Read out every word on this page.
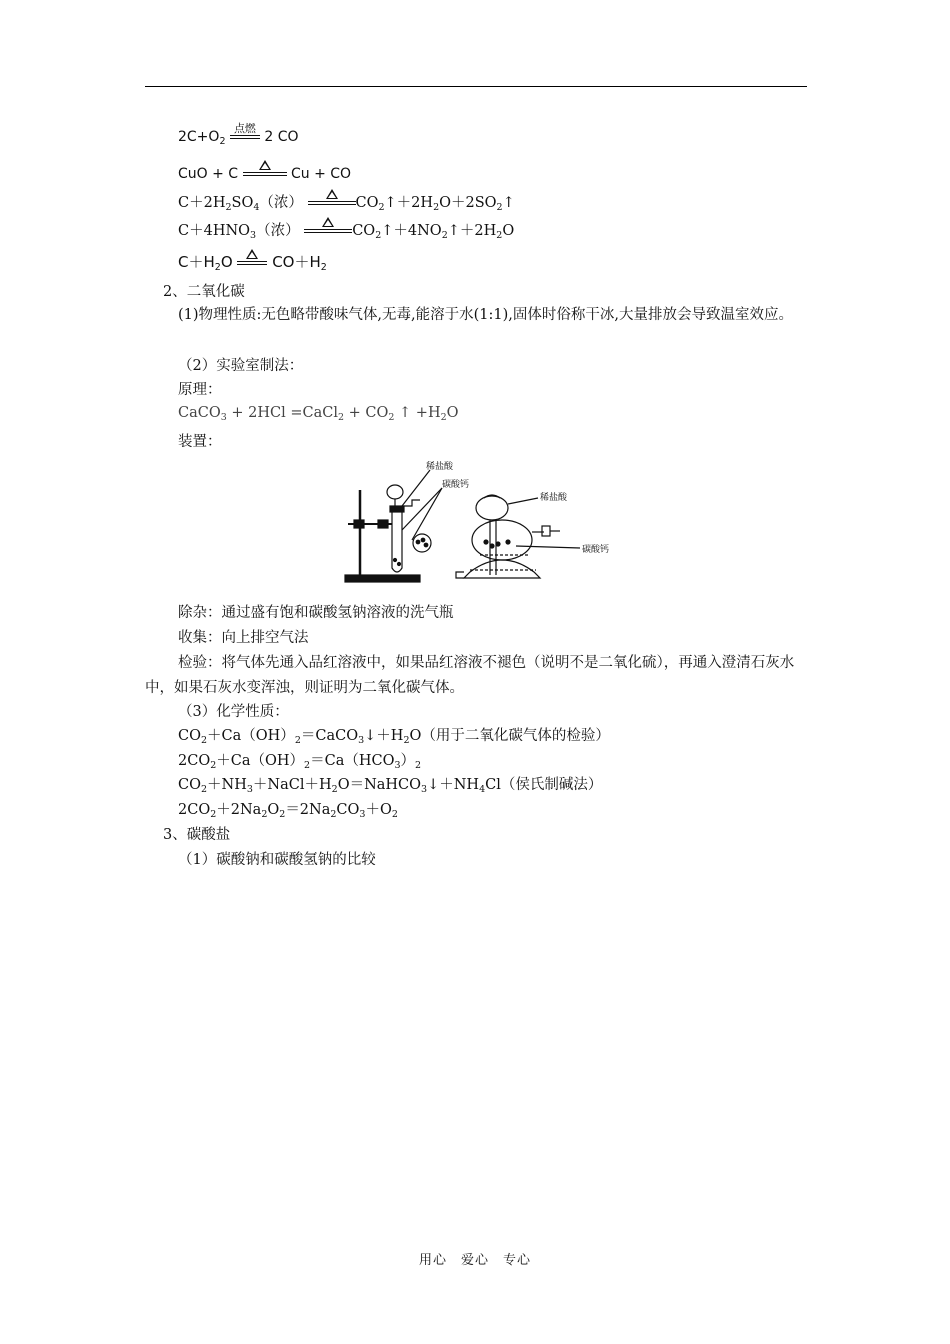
$2C+O_2$
点燃
2 CO
CuO + C	Cu + CO
$C+2H_2SO_4$（浓）	$CO_2↑+2H_2O+2SO_2↑$
$C+4HNO_3$（浓）	$CO_2↑+4NO_2↑+2H_2O$
$C+H_2O$	$CO+H_2$
2、二氧化碳
(1)物理性质:无色略带酸味气体,无毒,能溶于水(1:1),固体时俗称干冰,大量排放会导致温室效应。
（2）实验室制法：
原理：
CaCO$_3$ + 2HCl =CaCl$_2$ + $CO_2$ ↑ $+H_2O$
装置：
稀盐酸
碳酸钙
稀盐酸
碳酸钙
除杂：通过盛有饱和碳酸氢钠溶液的洗气瓶
收集：向上排空气法
检验：将气体先通入品红溶液中，如果品红溶液不褪色（说明不是二氧化硫），再通入澄清石灰水中，如果石灰水变浑浊，则证明为二氧化碳气体。
（3）化学性质：
$CO_2+Ca(OH)_2=CaCO_3↓+H_2O$（用于二氧化碳气体的检验）
$2CO_2+Ca(OH)_2=Ca(HCO_3)_2$
$CO_2+NH_3+NaCl+H_2O=NaHCO_3↓+NH_4Cl$（侯氏制碱法）
$2CO_2+2Na_2O_2=2Na_2CO_3+O_2$
3、碳酸盐
（1）碳酸钠和碳酸氢钠的比较
用心　爱心　专心
